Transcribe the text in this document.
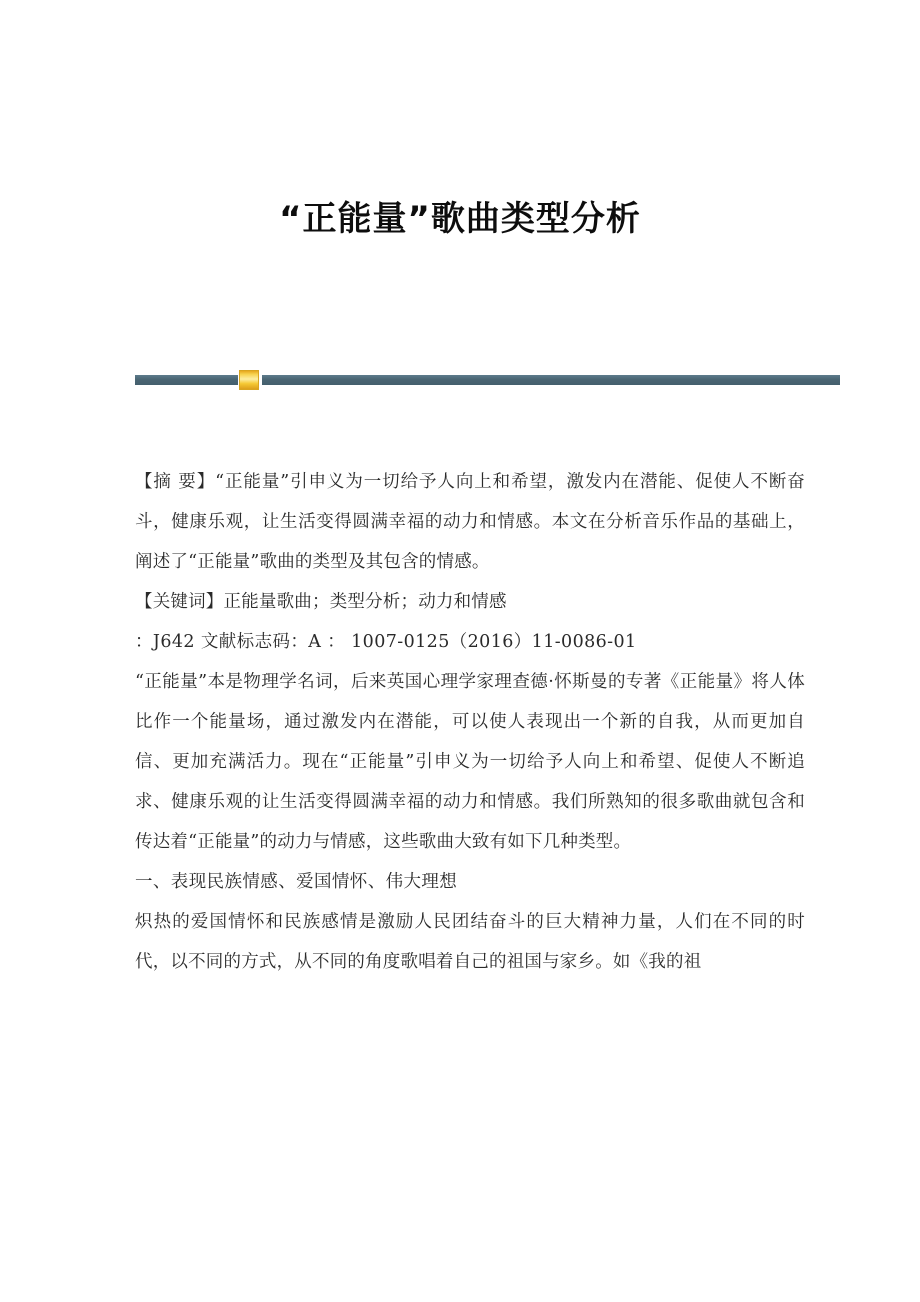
“正能量”歌曲类型分析

【摘 要】“正能量”引申义为一切给予人向上和希望，激发内在潜能、促使人不断奋斗，健康乐观，让生活变得圆满幸福的动力和情感。本文在分析音乐作品的基础上，阐述了“正能量”歌曲的类型及其包含的情感。

【关键词】正能量歌曲；类型分析；动力和情感

：J642 文献标志码：A ： 1007-0125（2016）11-0086-01

“正能量”本是物理学名词，后来英国心理学家理查德·怀斯曼的专著《正能量》将人体比作一个能量场，通过激发内在潜能，可以使人表现出一个新的自我，从而更加自信、更加充满活力。现在“正能量”引申义为一切给予人向上和希望、促使人不断追求、健康乐观的让生活变得圆满幸福的动力和情感。我们所熟知的很多歌曲就包含和传达着“正能量”的动力与情感，这些歌曲大致有如下几种类型。

一、表现民族情感、爱国情怀、伟大理想

炽热的爱国情怀和民族感情是激励人民团结奋斗的巨大精神力量，人们在不同的时代，以不同的方式，从不同的角度歌唱着自己的祖国与家乡。如《我的祖
